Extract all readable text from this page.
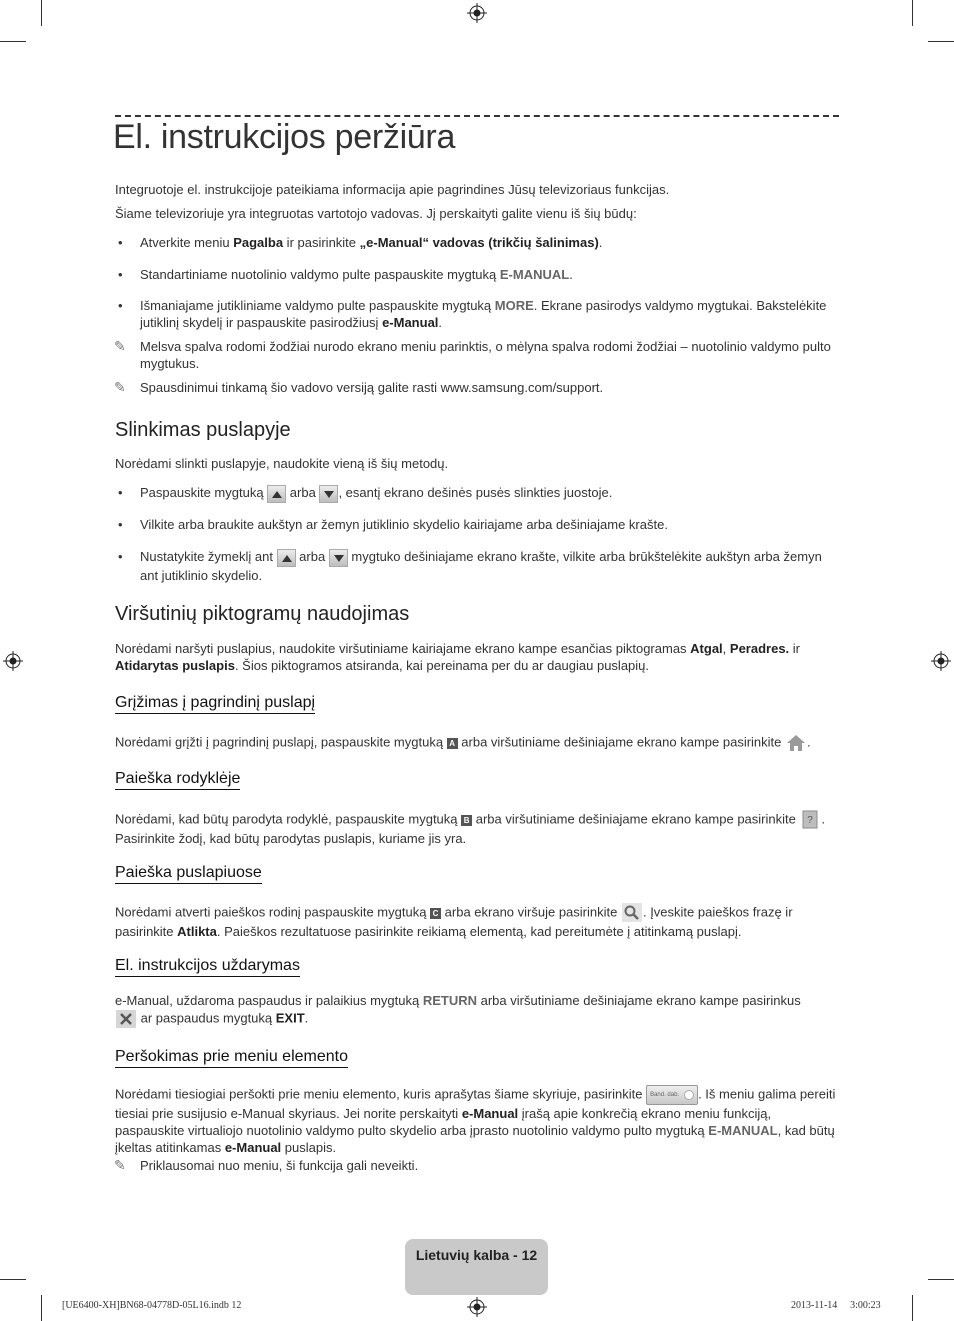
El. instrukcijos peržiūra

Integruotoje el. instrukcijoje pateikiama informacija apie pagrindines Jūsų televizoriaus funkcijas.

Šiame televizoriuje yra integruotas vartotojo vadovas. Jį perskaityti galite vienu iš šių būdų:

• Atverkite meniu Pagalba ir pasirinkite „e-Manual“ vadovas (trikčių šalinimas).
• Standartiniame nuotolinio valdymo pulte paspauskite mygtuką E-MANUAL.
• Išmaniajame jutikliniame valdymo pulte paspauskite mygtuką MORE. Ekrane pasirodys valdymo mygtukai. Bakstelėkite jutiklinį skydelį ir paspauskite pasirodžiusį e-Manual.
✎ Melsva spalva rodomi žodžiai nurodo ekrano meniu parinktis, o mėlyna spalva rodomi žodžiai – nuotolinio valdymo pulto mygtukus.
✎ Spausdinimui tinkamą šio vadovo versiją galite rasti www.samsung.com/support.
Slinkimas puslapyje

Norėdami slinkti puslapyje, naudokite vieną iš šių metodų.

• Paspauskite mygtuką
arba
, esantį ekrano dešinės pusės slinkties juostoje.
• Vilkite arba braukite aukštyn ar žemyn jutiklinio skydelio kairiajame arba dešiniajame krašte.
• Nustatykite žymeklį ant
arba
mygtuko dešiniajame ekrano krašte, vilkite arba brūkštelėkite aukštyn arba žemyn ant jutiklinio skydelio.
Viršutinių piktogramų naudojimas

Norėdami naršyti puslapius, naudokite viršutiniame kairiajame ekrano kampe esančias piktogramas Atgal, Peradres. ir Atidarytas puslapis. Šios piktogramos atsiranda, kai pereinama per du ar daugiau puslapių.

Grįžimas į pagrindinį puslapį

Norėdami grįžti į pagrindinį puslapį, paspauskite mygtuką A arba viršutiniame dešiniajame ekrano kampe pasirinkite .

Paieška rodyklėje

Norėdami, kad būtų parodyta rodyklė, paspauskite mygtuką B arba viršutiniame dešiniajame ekrano kampe pasirinkite ? .
Pasirinkite žodį, kad būtų parodytas puslapis, kuriame jis yra.

Paieška puslapiuose

Norėdami atverti paieškos rodinį paspauskite mygtuką C arba ekrano viršuje pasirinkite . Įveskite paieškos frazę ir pasirinkite Atlikta. Paieškos rezultatuose pasirinkite reikiamą elementą, kad pereitumėte į atitinkamą puslapį.

El. instrukcijos uždarymas

e-Manual, uždaroma paspaudus ir palaikius mygtuką RETURN arba viršutiniame dešiniajame ekrano kampe pasirinkus
ar paspaudus mygtuką EXIT.

Peršokimas prie meniu elemento

Norėdami tiesiogiai peršokti prie meniu elemento, kuris aprašytas šiame skyriuje, pasirinkite Band. dab. . Iš meniu galima pereiti tiesiai prie susijusio e-Manual skyriaus. Jei norite perskaityti e-Manual įrašą apie konkrečią ekrano meniu funkciją, paspauskite virtualiojo nuotolinio valdymo pulto skydelio arba įprasto nuotolinio valdymo pulto mygtuką E-MANUAL, kad būtų įkeltas atitinkamas e-Manual puslapis.

✎ Priklausomai nuo meniu, ši funkcija gali neveikti.
Lietuvių kalba - 12
[UE6400-XH]BN68-04778D-05L16.indb 12	2013-11-14 ￿ 3:00:23
